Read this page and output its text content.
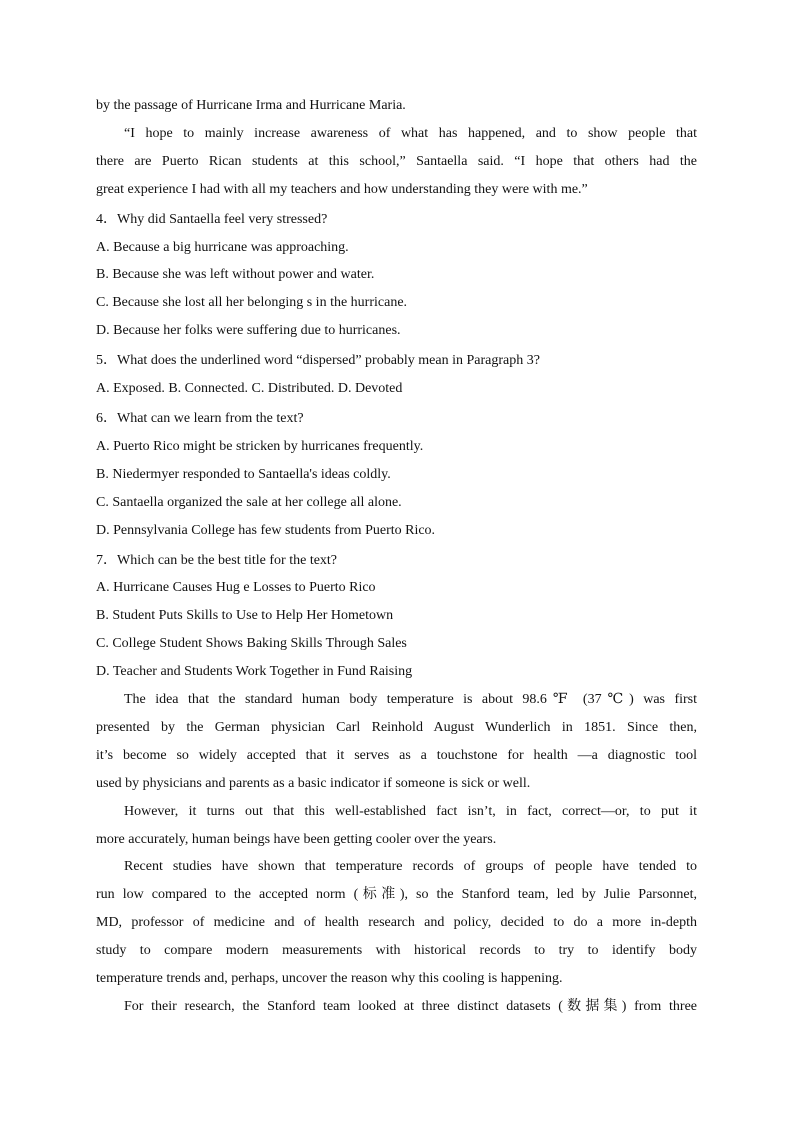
by the passage of Hurricane Irma and Hurricane Maria.

“I hope to mainly increase awareness of what has happened, and to show people that

there are Puerto Rican students at this school,” Santaella said. “I hope that others had the

great experience I had with all my teachers and how understanding they were with me.”

4．Why did Santaella feel very stressed?

A. Because a big hurricane was approaching.

B. Because she was left without power and water.

C. Because she lost all her belonging s in the hurricane.

D. Because her folks were suffering due to hurricanes.

5．What does the underlined word “dispersed” probably mean in Paragraph 3?

A. Exposed. B. Connected. C. Distributed. D. Devoted

6．What can we learn from the text?

A. Puerto Rico might be stricken by hurricanes frequently.

B. Niedermyer responded to Santaella's ideas coldly.

C. Santaella organized the sale at her college all alone.

D. Pennsylvania College has few students from Puerto Rico.

7．Which can be the best title for the text?

A. Hurricane Causes Hug e Losses to Puerto Rico

B. Student Puts Skills to Use to Help Her Hometown

C. College Student Shows Baking Skills Through Sales

D. Teacher and Students Work Together in Fund Raising

The idea that the standard human body temperature is about 98.6℉ (37℃) was first

presented by the German physician Carl Reinhold August Wunderlich in 1851. Since then,

it’s become so widely accepted that it serves as a touchstone for health —a diagnostic tool

used by physicians and parents as a basic indicator if someone is sick or well.

However, it turns out that this well-established fact isn’t, in fact, correct—or, to put it

more accurately, human beings have been getting cooler over the years.

Recent studies have shown that temperature records of groups of people have tended to

run low compared to the accepted norm (标准), so the Stanford team, led by Julie Parsonnet,

MD, professor of medicine and of health research and policy, decided to do a more in-depth

study to compare modern measurements with historical records to try to identify body

temperature trends and, perhaps, uncover the reason why this cooling is happening.

For their research, the Stanford team looked at three distinct datasets (数据集) from three
